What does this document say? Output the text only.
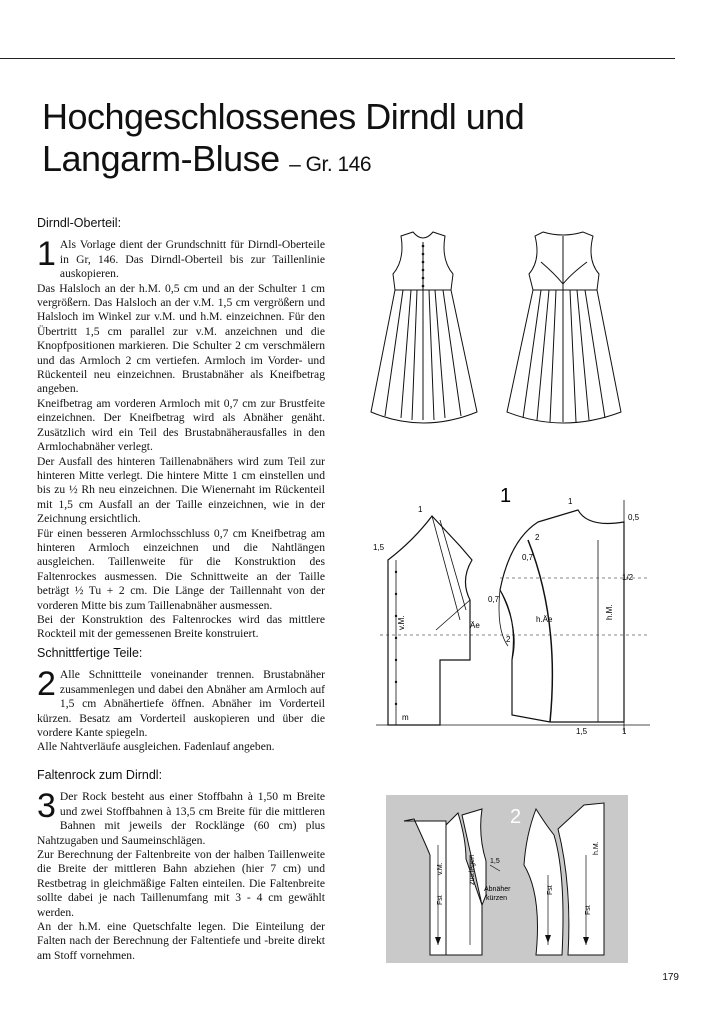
Hochgeschlossenes Dirndl und
Langarm-Bluse – Gr. 146
Dirndl-Oberteil:
1 Als Vorlage dient der Grundschnitt für Dirndl-Oberteile in Gr, 146. Das Dirndl-Oberteil bis zur Taillenlinie auskopieren.

Das Halsloch an der h.M. 0,5 cm und an der Schulter 1 cm vergrößern. Das Halsloch an der v.M. 1,5 cm vergrößern und Halsloch im Winkel zur v.M. und h.M. einzeichnen. Für den Übertritt 1,5 cm parallel zur v.M. anzeichnen und die Knopfpositionen markieren. Die Schulter 2 cm verschmälern und das Armloch 2 cm vertiefen. Armloch im Vorder- und Rückenteil neu einzeichnen. Brustabnäher als Kneifbetrag angeben.

Kneifbetrag am vorderen Armloch mit 0,7 cm zur Brustfeite einzeichnen. Der Kneifbetrag wird als Abnäher genäht. Zusätzlich wird ein Teil des Brustabnäherausfalles in den Armlochabnäher verlegt.

Der Ausfall des hinteren Taillenabnähers wird zum Teil zur hinteren Mitte verlegt. Die hintere Mitte 1 cm einstellen und bis zu ½ Rh neu einzeichnen. Die Wienernaht im Rückenteil mit 1,5 cm Ausfall an der Taille einzeichnen, wie in der Zeichnung ersichtlich.

Für einen besseren Armlochsschluss 0,7 cm Kneifbetrag am hinteren Armloch einzeichnen und die Nahtlängen ausgleichen. Taillenweite für die Konstruktion des Faltenrockes ausmessen. Die Schnittweite an der Taille beträgt ½ Tu + 2 cm. Die Länge der Taillennaht von der vorderen Mitte bis zum Taillenabnäher ausmessen.

Bei der Konstruktion des Faltenrockes wird das mittlere Rockteil mit der gemessenen Breite konstruiert.

Schnittfertige Teile:
2 Alle Schnittteile voneinander trennen. Brustabnäher zusammenlegen und dabei den Abnäher am Armloch auf 1,5 cm Abnähertiefe öffnen. Abnäher im Vorderteil kürzen. Besatz am Vorderteil auskopieren und über die vordere Kante spiegeln.

Alle Nahtverläufe ausgleichen. Fadenlauf angeben.

Faltenrock zum Dirndl:
3 Der Rock besteht aus einer Stoffbahn à 1,50 m Breite und zwei Stoffbahnen à 13,5 cm Breite für die mittleren Bahnen mit jeweils der Rocklänge (60 cm) plus Nahtzugaben und Saumeinschlägen.

Zur Berechnung der Faltenbreite von der halben Taillenweite die Breite der mittleren Bahn abziehen (hier 7 cm) und Restbetrag in gleichmäßige Falten einteilen. Die Faltenbreite sollte dabei je nach Taillenumfang mit 3 - 4 cm gewählt werden.

An der h.M. eine Quetschfalte legen. Die Einteilung der Falten nach der Berechnung der Faltentiefe und -breite direkt am Stoff vornehmen.

1
1,5
1
1
0,5
2
2
0,7
0,7
Äe
h.Äe
1/2
v.M.
h.M.
m
1,5	1
2
v.M.
Fst
zus.legen 1,5
Abnäher
kürzen
Fst
h.M.
Fst
179
